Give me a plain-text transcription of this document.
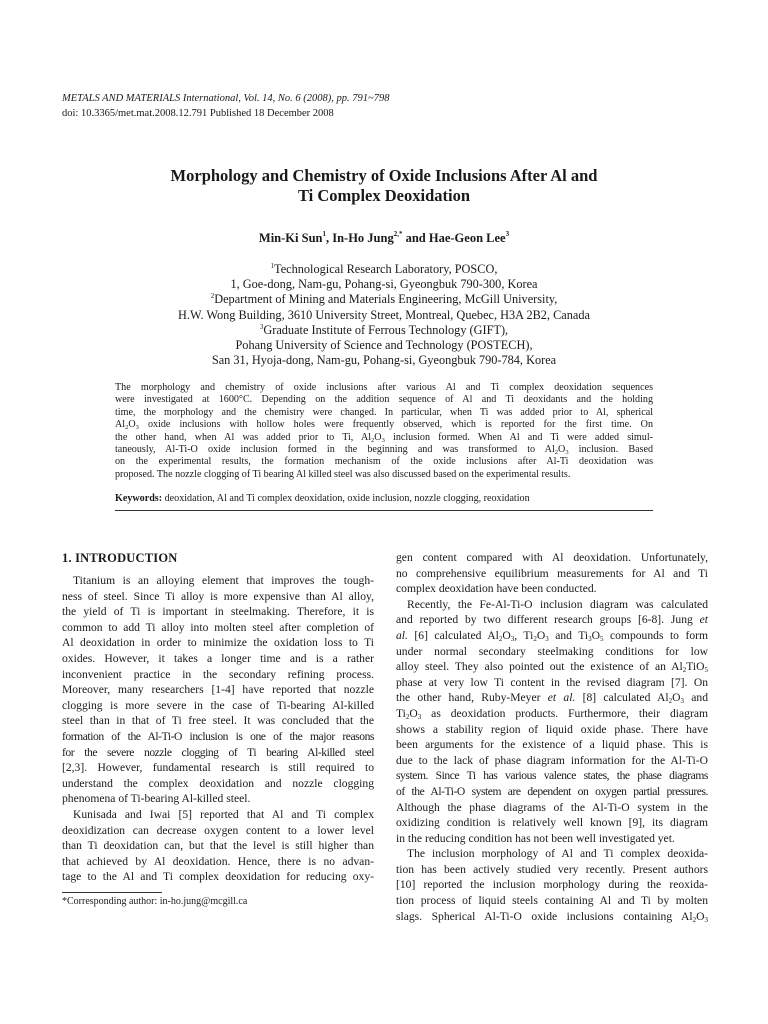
METALS AND MATERIALS International, Vol. 14, No. 6 (2008), pp. 791~798
doi: 10.3365/met.mat.2008.12.791 Published 18 December 2008
Morphology and Chemistry of Oxide Inclusions After Al and
Ti Complex Deoxidation
Min-Ki Sun$^1$, In-Ho Jung$^{2,*}$ and Hae-Geon Lee$^3$
$^1$Technological Research Laboratory, POSCO,
1, Goe-dong, Nam-gu, Pohang-si, Gyeongbuk 790-300, Korea
$^2$Department of Mining and Materials Engineering, McGill University,
H.W. Wong Building, 3610 University Street, Montreal, Quebec, H3A 2B2, Canada
$^3$Graduate Institute of Ferrous Technology (GIFT),
Pohang University of Science and Technology (POSTECH),
San 31, Hyoja-dong, Nam-gu, Pohang-si, Gyeongbuk 790-784, Korea
The morphology and chemistry of oxide inclusions after various Al and Ti complex deoxidation sequences
were investigated at 1600°C. Depending on the addition sequence of Al and Ti deoxidants and the holding
time, the morphology and the chemistry were changed. In particular, when Ti was added prior to Al, spherical
$Al_2O_3$ oxide inclusions with hollow holes were frequently observed, which is reported for the first time. On
the other hand, when Al was added prior to Ti, $Al_2O_3$ inclusion formed. When Al and Ti were added simul-
taneously, Al-Ti-O oxide inclusion formed in the beginning and was transformed to $Al_2O_3$ inclusion. Based
on the experimental results, the formation mechanism of the oxide inclusions after Al-Ti deoxidation was
proposed. The nozzle clogging of Ti bearing Al killed steel was also discussed based on the experimental results.
Keywords: deoxidation, Al and Ti complex deoxidation, oxide inclusion, nozzle clogging, reoxidation
1. INTRODUCTION
Titanium is an alloying element that improves the tough-
ness of steel. Since Ti alloy is more expensive than Al alloy,
the yield of Ti is important in steelmaking. Therefore, it is
common to add Ti alloy into molten steel after completion of
Al deoxidation in order to minimize the oxidation loss to Ti
oxides. However, it takes a longer time and is a rather
inconvenient practice in the secondary refining process.
Moreover, many researchers [1-4] have reported that nozzle
clogging is more severe in the case of Ti-bearing Al-killed
steel than in that of Ti free steel. It was concluded that the
formation of the Al-Ti-O inclusion is one of the major reasons
for the severe nozzle clogging of Ti bearing Al-killed steel
[2,3]. However, fundamental research is still required to
understand the complex deoxidation and nozzle clogging
phenomena of Ti-bearing Al-killed steel.
Kunisada and Iwai [5] reported that Al and Ti complex
deoxidization can decrease oxygen content to a lower level
than Ti deoxidation can, but that the level is still higher than
that achieved by Al deoxidation. Hence, there is no advan-
tage to the Al and Ti complex deoxidation for reducing oxy-
gen content compared with Al deoxidation. Unfortunately,
no comprehensive equilibrium measurements for Al and Ti
complex deoxidation have been conducted.
Recently, the Fe-Al-Ti-O inclusion diagram was calculated
and reported by two different research groups [6-8]. Jung et
al. [6] calculated $Al_2O_3$, $Ti_2O_3$ and $Ti_3O_5$ compounds to form
under normal secondary steelmaking conditions for low
alloy steel. They also pointed out the existence of an $Al_2TiO_5$
phase at very low Ti content in the revised diagram [7]. On
the other hand, Ruby-Meyer et al. [8] calculated $Al_2O_3$ and
$Ti_2O_3$ as deoxidation products. Furthermore, their diagram
shows a stability region of liquid oxide phase. There have
been arguments for the existence of a liquid phase. This is
due to the lack of phase diagram information for the Al-Ti-O
system. Since Ti has various valence states, the phase diagrams
of the Al-Ti-O system are dependent on oxygen partial pressures.
Although the phase diagrams of the Al-Ti-O system in the
oxidizing condition is relatively well known [9], its diagram
in the reducing condition has not been well investigated yet.
The inclusion morphology of Al and Ti complex deoxida-
tion has been actively studied very recently. Present authors
[10] reported the inclusion morphology during the reoxida-
tion process of liquid steels containing Al and Ti by molten
slags. Spherical Al-Ti-O oxide inclusions containing $Al_2O_3$
*Corresponding author: in-ho.jung@mcgill.ca
